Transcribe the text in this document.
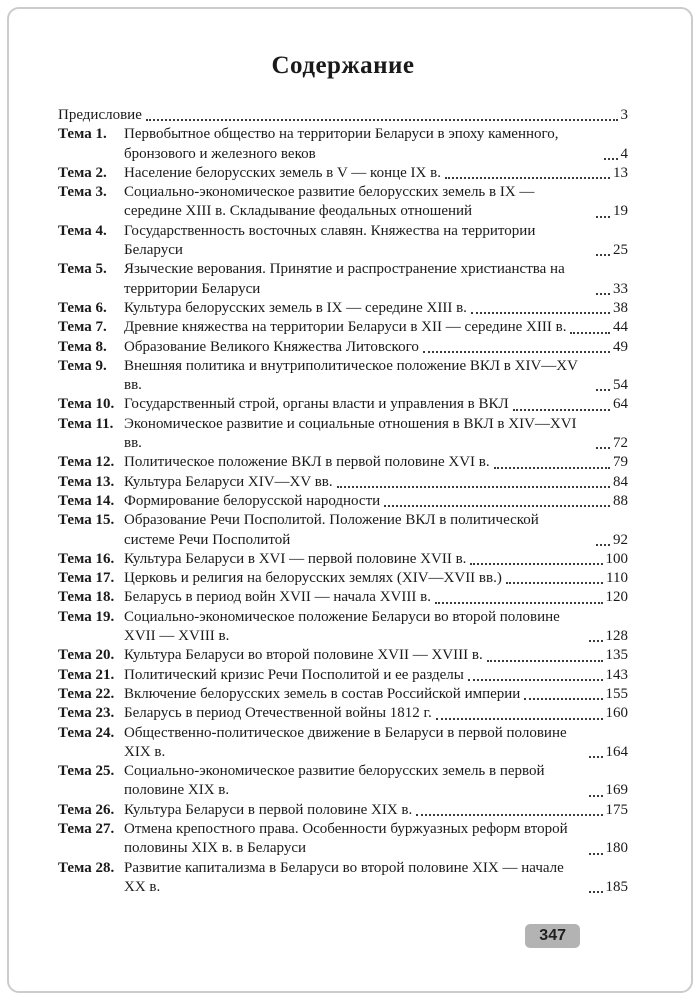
Содержание
Предисловие	3
Тема 1.	Первобытное общество на территории Беларуси в эпоху каменного, бронзового и железного веков	4
Тема 2.	Население белорусских земель в V — конце IX в.	13
Тема 3.	Социально-экономическое развитие белорусских земель в IX — середине XIII в. Складывание феодальных отношений	19
Тема 4.	Государственность восточных славян. Княжества на территории Беларуси	25
Тема 5.	Языческие верования. Принятие и распространение христианства на территории Беларуси	33
Тема 6.	Культура белорусских земель в IX — середине XIII в.	38
Тема 7.	Древние княжества на территории Беларуси в XII — середине XIII в.	44
Тема 8.	Образование Великого Княжества Литовского	49
Тема 9.	Внешняя политика и внутриполитическое положение ВКЛ в XIV—XV вв.	54
Тема 10. Государственный строй, органы власти и управления в ВКЛ	64
Тема 11. Экономическое развитие и социальные отношения в ВКЛ в XIV—XVI вв.	72
Тема 12. Политическое положение ВКЛ в первой половине XVI в.	79
Тема 13. Культура Беларуси XIV—XV вв.	84
Тема 14. Формирование белорусской народности	88
Тема 15. Образование Речи Посполитой. Положение ВКЛ в политической системе Речи Посполитой	92
Тема 16. Культура Беларуси в XVI — первой половине XVII в.	100
Тема 17. Церковь и религия на белорусских землях (XIV—XVII вв.)	110
Тема 18. Беларусь в период войн XVII — начала XVIII в.	120
Тема 19. Социально-экономическое положение Беларуси во второй половине XVII — XVIII в.	128
Тема 20. Культура Беларуси во второй половине XVII — XVIII в.	135
Тема 21. Политический кризис Речи Посполитой и ее разделы	143
Тема 22. Включение белорусских земель в состав Российской империи	155
Тема 23. Беларусь в период Отечественной войны 1812 г.	160
Тема 24. Общественно-политическое движение в Беларуси в первой половине XIX в.	164
Тема 25. Социально-экономическое развитие белорусских земель в первой половине XIX в.	169
Тема 26. Культура Беларуси в первой половине XIX в.	175
Тема 27. Отмена крепостного права. Особенности буржуазных реформ второй половины XIX в. в Беларуси	180
Тема 28. Развитие капитализма в Беларуси во второй половине XIX — начале XX в.	185
347
